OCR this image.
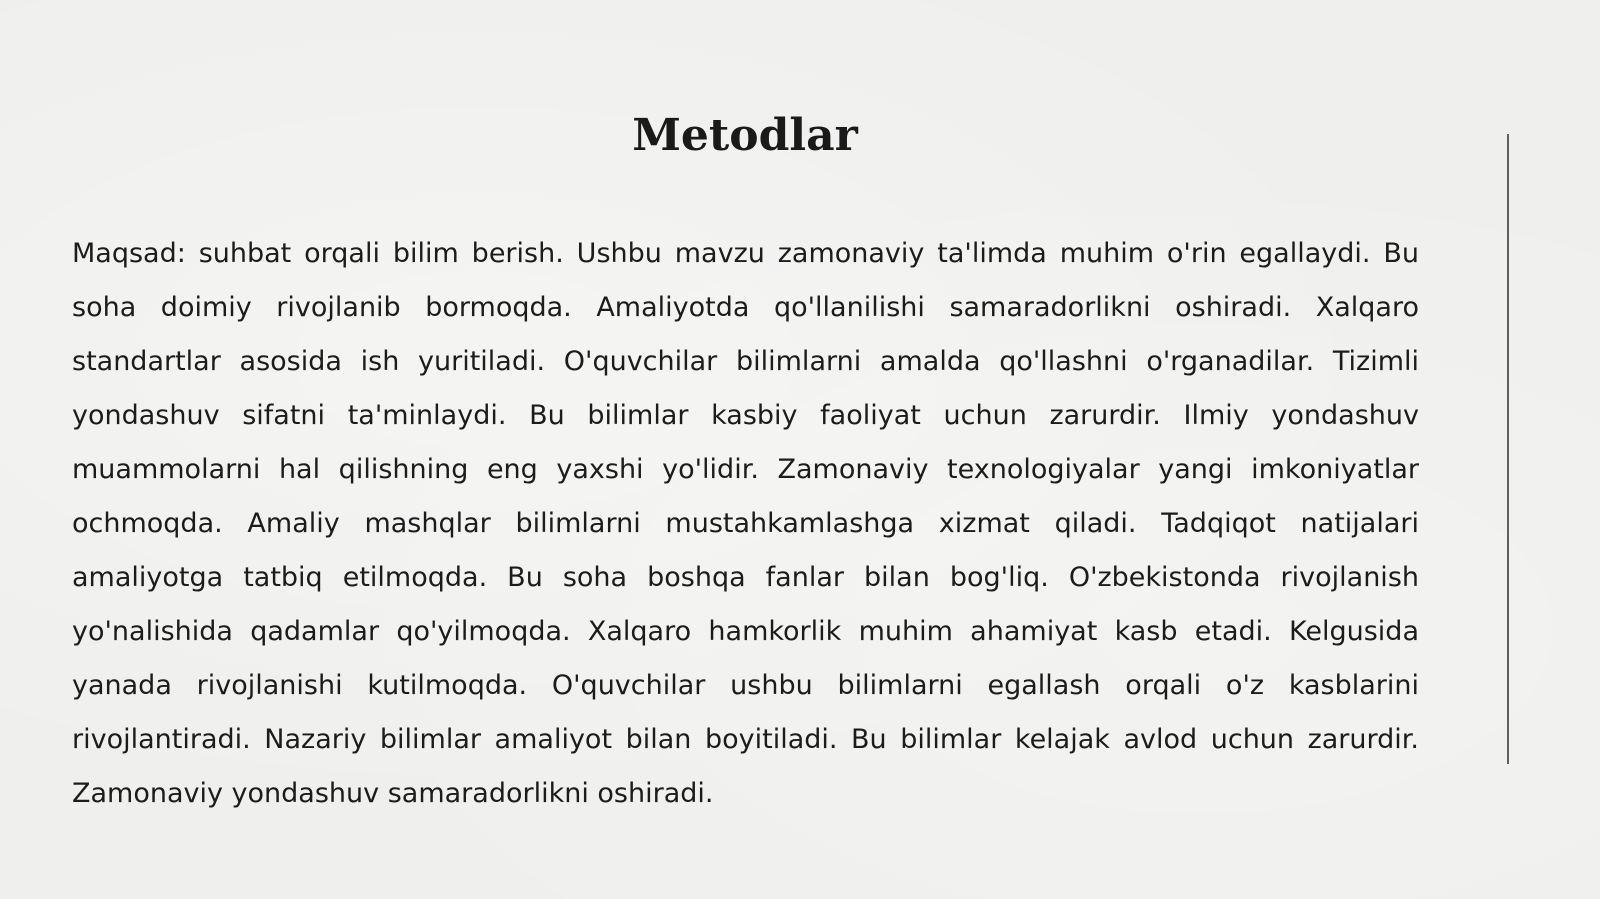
Metodlar

Maqsad: suhbat orqali bilim berish. Ushbu mavzu zamonaviy ta'limda muhim o'rin egallaydi. Bu soha doimiy rivojlanib bormoqda. Amaliyotda qo'llanilishi samaradorlikni oshiradi. Xalqaro standartlar asosida ish yuritiladi. O'quvchilar bilimlarni amalda qo'llashni o'rganadilar. Tizimli yondashuv sifatni ta'minlaydi. Bu bilimlar kasbiy faoliyat uchun zarurdir. Ilmiy yondashuv muammolarni hal qilishning eng yaxshi yo'lidir. Zamonaviy texnologiyalar yangi imkoniyatlar ochmoqda. Amaliy mashqlar bilimlarni mustahkamlashga xizmat qiladi. Tadqiqot natijalari amaliyotga tatbiq etilmoqda. Bu soha boshqa fanlar bilan bog'liq. O'zbekistonda rivojlanish yo'nalishida qadamlar qo'yilmoqda. Xalqaro hamkorlik muhim ahamiyat kasb etadi. Kelgusida yanada rivojlanishi kutilmoqda. O'quvchilar ushbu bilimlarni egallash orqali o'z kasblarini rivojlantiradi. Nazariy bilimlar amaliyot bilan boyitiladi. Bu bilimlar kelajak avlod uchun zarurdir. Zamonaviy yondashuv samaradorlikni oshiradi.
